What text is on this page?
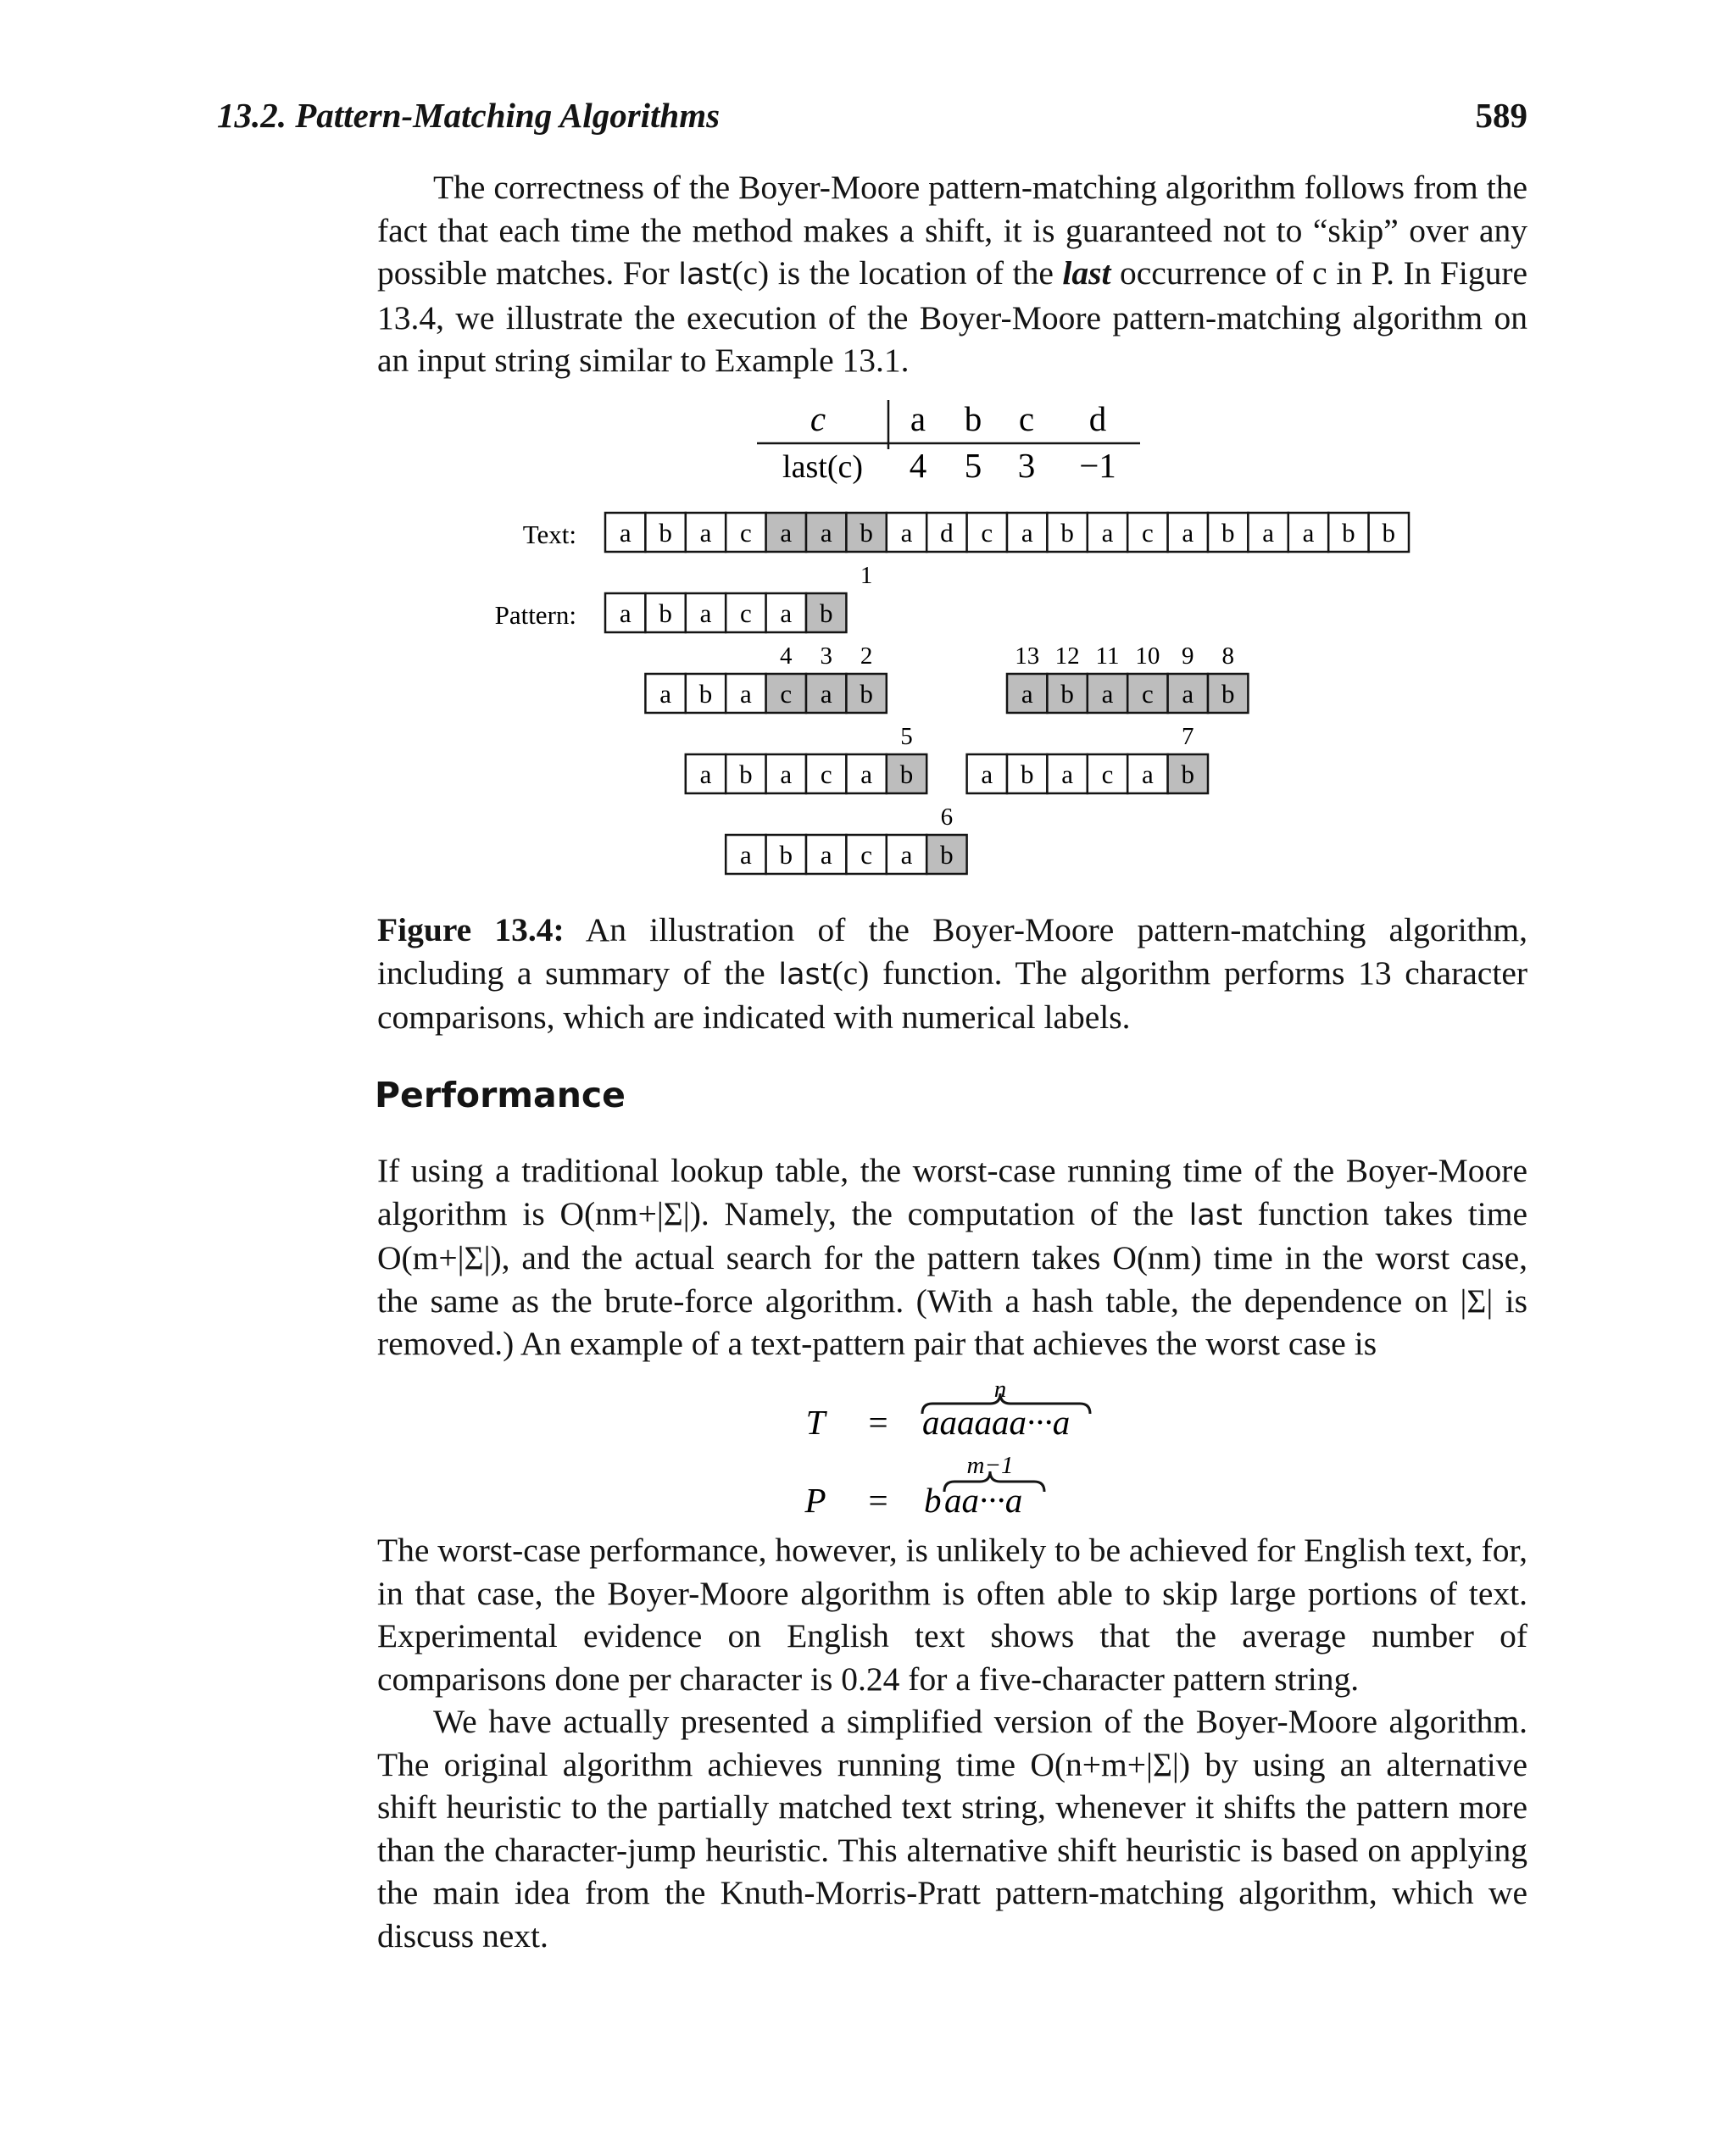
13.2. Pattern-Matching Algorithms	589

The correctness of the Boyer-Moore pattern-matching algorithm follows from the fact that each time the method makes a shift, it is guaranteed not to “skip” over any possible matches. For last(c) is the location of the last occurrence of c in P. In Figure 13.4, we illustrate the execution of the Boyer-Moore pattern-matching algorithm on an input string similar to Example 13.1.

c
last(c)
a b c d
4 5 3 −1
Text:
Pattern:
a b a c a a b a d c a b a c a b a a b b
a b a c a b
a b a c a b
a b a c a b
a b a c a b
a b a c a b
a b a c a b
1
4 3 2
5
6
7
13 12 11 10 9 8

Figure 13.4: An illustration of the Boyer-Moore pattern-matching algorithm, including a summary of the last(c) function. The algorithm performs 13 character comparisons, which are indicated with numerical labels.

Performance

If using a traditional lookup table, the worst-case running time of the Boyer-Moore algorithm is O(nm+|Σ|). Namely, the computation of the last function takes time O(m+|Σ|), and the actual search for the pattern takes O(nm) time in the worst case, the same as the brute-force algorithm. (With a hash table, the dependence on |Σ| is removed.) An example of a text-pattern pair that achieves the worst case is

n
T = aaaaaa···a
m−1
P = b aa···a

The worst-case performance, however, is unlikely to be achieved for English text, for, in that case, the Boyer-Moore algorithm is often able to skip large portions of text. Experimental evidence on English text shows that the average number of comparisons done per character is 0.24 for a five-character pattern string.

We have actually presented a simplified version of the Boyer-Moore algorithm. The original algorithm achieves running time O(n+m+|Σ|) by using an alternative shift heuristic to the partially matched text string, whenever it shifts the pattern more than the character-jump heuristic. This alternative shift heuristic is based on applying the main idea from the Knuth-Morris-Pratt pattern-matching algorithm, which we discuss next.
